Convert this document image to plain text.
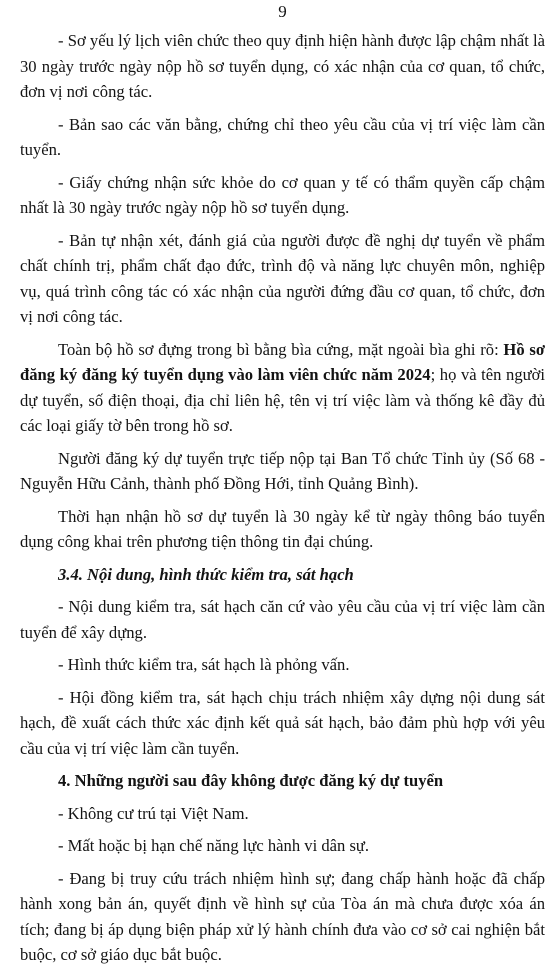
9

- Sơ yếu lý lịch viên chức theo quy định hiện hành được lập chậm nhất là 30 ngày trước ngày nộp hồ sơ tuyển dụng, có xác nhận của cơ quan, tổ chức, đơn vị nơi công tác.

- Bản sao các văn bằng, chứng chỉ theo yêu cầu của vị trí việc làm cần tuyển.

- Giấy chứng nhận sức khỏe do cơ quan y tế có thẩm quyền cấp chậm nhất là 30 ngày trước ngày nộp hồ sơ tuyển dụng.

- Bản tự nhận xét, đánh giá của người được đề nghị dự tuyển về phẩm chất chính trị, phẩm chất đạo đức, trình độ và năng lực chuyên môn, nghiệp vụ, quá trình công tác có xác nhận của người đứng đầu cơ quan, tổ chức, đơn vị nơi công tác.

Toàn bộ hồ sơ đựng trong bì bằng bìa cứng, mặt ngoài bìa ghi rõ: Hồ sơ đăng ký đăng ký tuyển dụng vào làm viên chức năm 2024; họ và tên người dự tuyển, số điện thoại, địa chỉ liên hệ, tên vị trí việc làm và thống kê đầy đủ các loại giấy tờ bên trong hồ sơ.

Người đăng ký dự tuyển trực tiếp nộp tại Ban Tổ chức Tỉnh ủy (Số 68 - Nguyễn Hữu Cảnh, thành phố Đồng Hới, tỉnh Quảng Bình).

Thời hạn nhận hồ sơ dự tuyển là 30 ngày kể từ ngày thông báo tuyển dụng công khai trên phương tiện thông tin đại chúng.

3.4. Nội dung, hình thức kiểm tra, sát hạch

- Nội dung kiểm tra, sát hạch căn cứ vào yêu cầu của vị trí việc làm cần tuyển để xây dựng.

- Hình thức kiểm tra, sát hạch là phỏng vấn.

- Hội đồng kiểm tra, sát hạch chịu trách nhiệm xây dựng nội dung sát hạch, đề xuất cách thức xác định kết quả sát hạch, bảo đảm phù hợp với yêu cầu của vị trí việc làm cần tuyển.

4. Những người sau đây không được đăng ký dự tuyển

- Không cư trú tại Việt Nam.

- Mất hoặc bị hạn chế năng lực hành vi dân sự.

- Đang bị truy cứu trách nhiệm hình sự; đang chấp hành hoặc đã chấp hành xong bản án, quyết định về hình sự của Tòa án mà chưa được xóa án tích; đang bị áp dụng biện pháp xử lý hành chính đưa vào cơ sở cai nghiện bắt buộc, cơ sở giáo dục bắt buộc.
